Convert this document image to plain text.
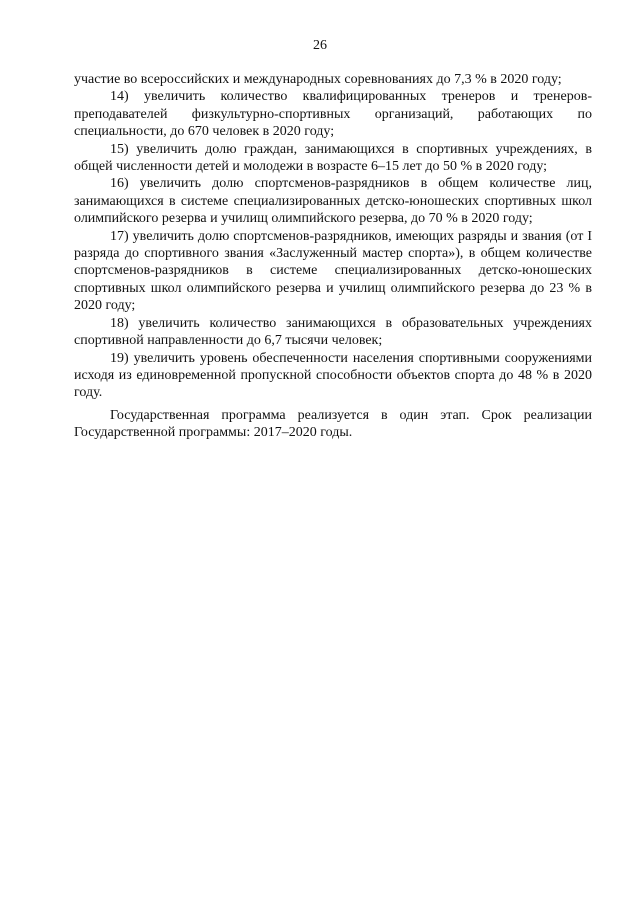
26

участие во всероссийских и международных соревнованиях до 7,3 % в 2020 году;

14) увеличить количество квалифицированных тренеров и тренеров-преподавателей физкультурно-спортивных организаций, работающих по специальности, до 670 человек в 2020 году;

15) увеличить долю граждан, занимающихся в спортивных учреждениях, в общей численности детей и молодежи в возрасте 6–15 лет до 50 % в 2020 году;

16) увеличить долю спортсменов-разрядников в общем количестве лиц, занимающихся в системе специализированных детско-юношеских спортивных школ олимпийского резерва и училищ олимпийского резерва, до 70 % в 2020 году;

17) увеличить долю спортсменов-разрядников, имеющих разряды и звания (от I разряда до спортивного звания «Заслуженный мастер спорта»), в общем количестве спортсменов-разрядников в системе специализированных детско-юношеских спортивных школ олимпийского резерва и училищ олимпийского резерва до 23 % в 2020 году;

18) увеличить количество занимающихся в образовательных учреждениях спортивной направленности до 6,7 тысячи человек;

19) увеличить уровень обеспеченности населения спортивными сооружениями исходя из единовременной пропускной способности объектов спорта до 48 % в 2020 году.

Государственная программа реализуется в один этап. Срок реализации Государственной программы: 2017–2020 годы.
